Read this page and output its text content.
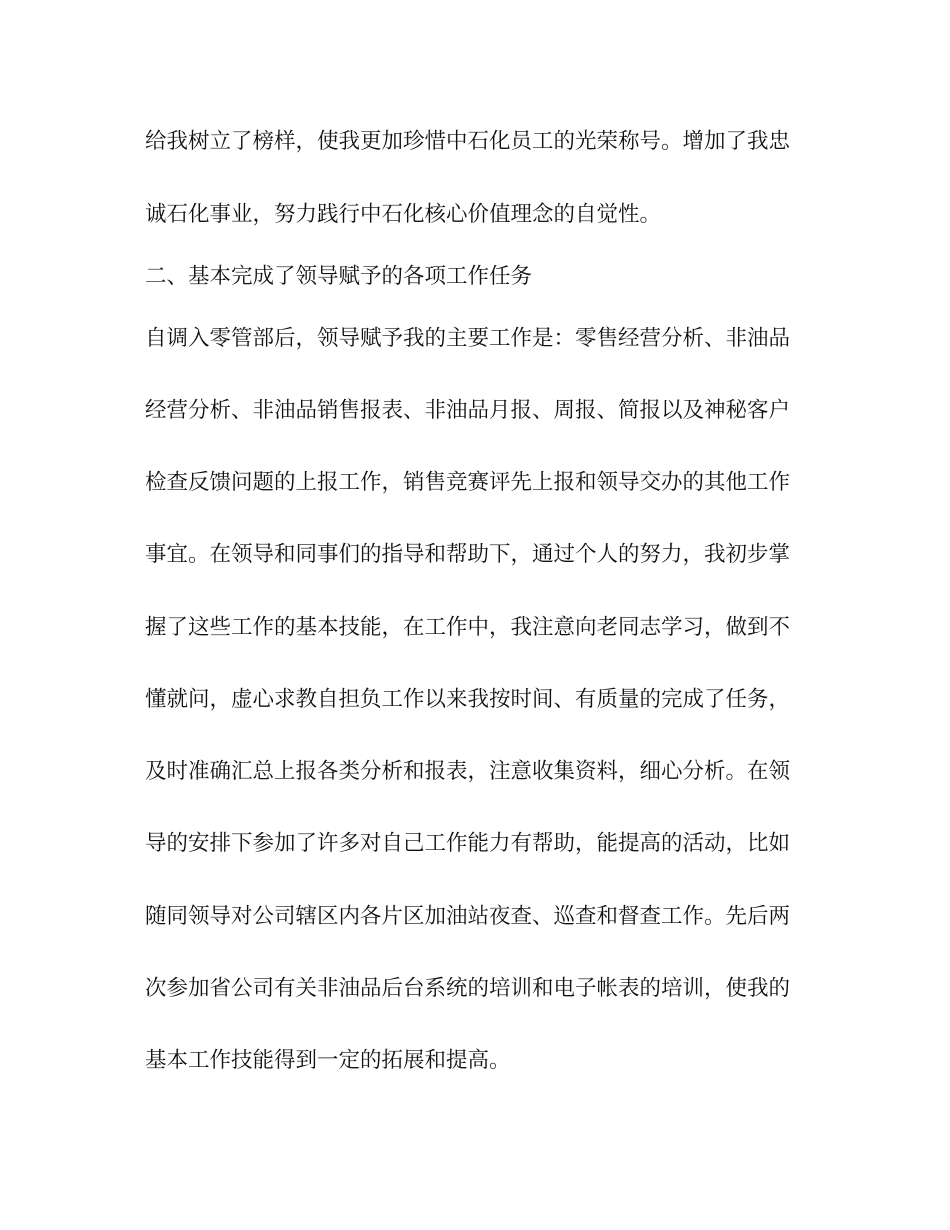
给我树立了榜样，使我更加珍惜中石化员工的光荣称号。增加了我忠
诚石化事业，努力践行中石化核心价值理念的自觉性。
二、基本完成了领导赋予的各项工作任务
自调入零管部后，领导赋予我的主要工作是：零售经营分析、非油品
经营分析、非油品销售报表、非油品月报、周报、简报以及神秘客户
检查反馈问题的上报工作，销售竞赛评先上报和领导交办的其他工作
事宜。在领导和同事们的指导和帮助下，通过个人的努力，我初步掌
握了这些工作的基本技能，在工作中，我注意向老同志学习，做到不
懂就问，虚心求教自担负工作以来我按时间、有质量的完成了任务，
及时准确汇总上报各类分析和报表，注意收集资料，细心分析。在领
导的安排下参加了许多对自己工作能力有帮助，能提高的活动，比如
随同领导对公司辖区内各片区加油站夜查、巡查和督查工作。先后两
次参加省公司有关非油品后台系统的培训和电子帐表的培训，使我的
基本工作技能得到一定的拓展和提高。
